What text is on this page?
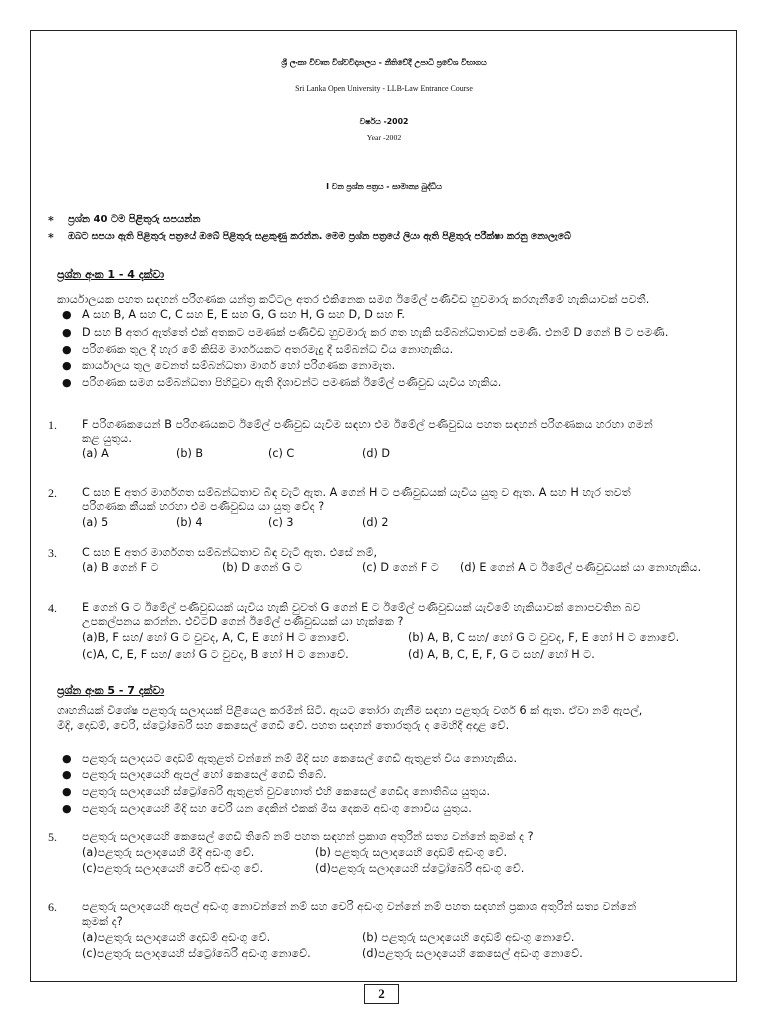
ශ්‍රී ලංකා විවෘත විශ්වවිද්‍යාලය - නීතිවේදී උපාධි ප්‍රවේශ විභාගය
Sri Lanka Open University - LLB-Law Entrance Course
වර්ෂය -2002
Year -2002
I වන ප්‍රශ්න පත්‍රය - සාමාන්‍ය බුද්ධිය
* ප්‍රශ්න 40 ටම පිළිතුරු සපයන්න
* ඔබට සපයා ඇති පිළිතුරු පත්‍රයේ ඔබේ පිළිතුරු සළකුණු කරන්න. මෙම ප්‍රශ්න පත්‍රයේ ලියා ඇති පිළිතුරු පරීක්ෂා කරනු නොලැබේ
ප්‍රශ්න අංක 1 - 4 දක්වා
කාර්යාලයක පහත සඳහන් පරිගණක යන්ත්‍ර කට්ටල අතර එකිනෙක සමග ඊමේල් පණිවිඩ හුවමාරු කරගැනීමේ හැකියාවක් පවතී.
● A සහ B, A සහ C, C සහ E, E සහ G, G සහ H, G සහ D, D සහ F.
● D සහ B අතර ඇත්තේ එක් අතකට පමණක් පණිවිඩ හුවමාරු කර ගත හැකි සම්බන්ධතාවක් පමණි. එනම් D ගෙන් B ට පමණි.
● පරිගණක තුල දී හැර මේ කිසිම මාර්ගයකට අතරමැදු දී සම්බන්ධ විය නොහැකිය.
● කාර්යාලය තුල වෙනත් සම්බන්ධතා මාර්ග හෝ පරිගණක නොමැත.
● පරිගණක සමග සම්බන්ධතා පිහිටුවා ඇති දිශාවන්ට පමණක් ඊමේල් පණිවුඩ යැවිය හැකිය.
1. F පරිගණකයෙන් B පරිගණයකට ඊමේල් පණිවුඩ යැවීම සඳහා එම ඊමේල් පණිවුඩය පහත සඳහන් පරිගණකය හරහා ගමන්
කළ යුතුය.
(a) A	(b) B	(c) C	(d) D
2. C සහ E අතර මාර්ගගත සම්බන්ධතාව බිඳ වැටී ඇත. A ගෙන් H ට පණිවුඩයක් යැවිය යුතු ව ඇත. A සහ H හැර තවත්
පරිගණක කීයක් හරහා එම පණිවුඩය යා යුතු වේද ?
(a) 5	(b) 4	(c) 3	(d) 2
3. C සහ E අතර මාර්ගගත සම්බන්ධතාව බිඳ වැටී ඇත. එසේ නම්,
(a) B ගෙන් F ට	(b) D ගෙන් G ට	(c) D ගෙන් F ට (d) E ගෙන් A ට ඊමේල් පණිවුඩයක් යා නොහැකිය.
4. E ගෙන් G ට ඊමේල් පණිවුඩයක් යැවිය හැකි වුවත් G ගෙන් E ට ඊමේල් පණිවුඩයක් යැවීමේ හැකියාවක් නොපවතින බව
උපකල්පනය කරන්න. එවිටD ගෙන් ඊමේල් පණිවුඩයක් යා හැක්කෙ ?
(a)B, F සහ/ හෝ G ට වුවද, A, C, E හෝ H ට නොවේ.	(b) A, B, C සහ/ හෝ G ට වුවද, F, E හෝ H ට නොවේ.
(c)A, C, E, F සහ/ හෝ G ට වුවද, B හෝ H ට නොවේ.	(d) A, B, C, E, F, G ට සහ/ හෝ H ට.
ප්‍රශ්න අංක 5 - 7 දක්වා
ගෘහනියක් විශේෂ පළතුරු සලාදයක් පිළියෙල කරමින් සිටී. ඇයට තෝරා ගැනීම සඳහා පළතුරු වර්ග 6 ක් ඇත. ඒවා නම් ඇපල්,
මිදි, දොඩම්, චෙරි, ස්ට්‍රෝබෙරි සහ කෙසෙල් ගෙඩි වේ. පහත සඳහන් තොරතුරු ද මෙහිදී අදාළ වේ.
● පළතුරු සලාදයට දොඩම් ඇතුළත් වන්නේ නම් මිදි සහ කෙසෙල් ගෙඩි ඇතුළත් විය නොහැකිය.
● පළතුරු සලාදයෙහි ඇපල් හෝ කෙසෙල් ගෙඩි තිබේ.
● පළතුරු සලාදයෙහි ස්ට්‍රෝබෙරි ඇතුළත් වුවහොත් එහි කෙසෙල් ගෙඩිද නොතිබිය යුතුය.
● පළතුරු සලාදයෙහි මිදි සහ චෙරි යන දෙකින් එකක් මිස දෙකම අඩංගු නොවිය යුතුය.
5. පළතුරු සලාදයෙහි කෙසෙල් ගෙඩි තිබේ නම් පහත සඳහන් ප්‍රකාශ අතුරින් සත්‍ය වන්නේ කුමක් ද ?
(a)පළතුරු සලාදයෙහි මිදි අඩංගු වේ.	(b) පළතුරු සලාදයෙහි දොඩම් අඩංගු වේ.
(c)පළතුරු සලාදයෙහි චෙරි අඩංගු වේ.	(d)පළතුරු සලාදයෙහි ස්ට්‍රෝබෙරි අඩංගු වේ.
6. පළතුරු සලාදයෙහි ඇපල් අඩංගු නොවන්නේ නම් සහ චෙරි අඩංගු වන්නේ නම් පහත සඳහන් ප්‍රකාශ අතුරින් සත්‍ය වන්නේ
කුමක් ද?
(a)පළතුරු සලාදයෙහි දොඩම් අඩංගු වේ.	(b) පළතුරු සලාදයෙහි දොඩම් අඩංගු නොවේ.
(c)පළතුරු සලාදයෙහි ස්ට්‍රෝබෙරි අඩංගු නොවේ.	(d)පළතුරු සලාදයෙහි කෙසෙල් අඩංගු නොවේ.
2
